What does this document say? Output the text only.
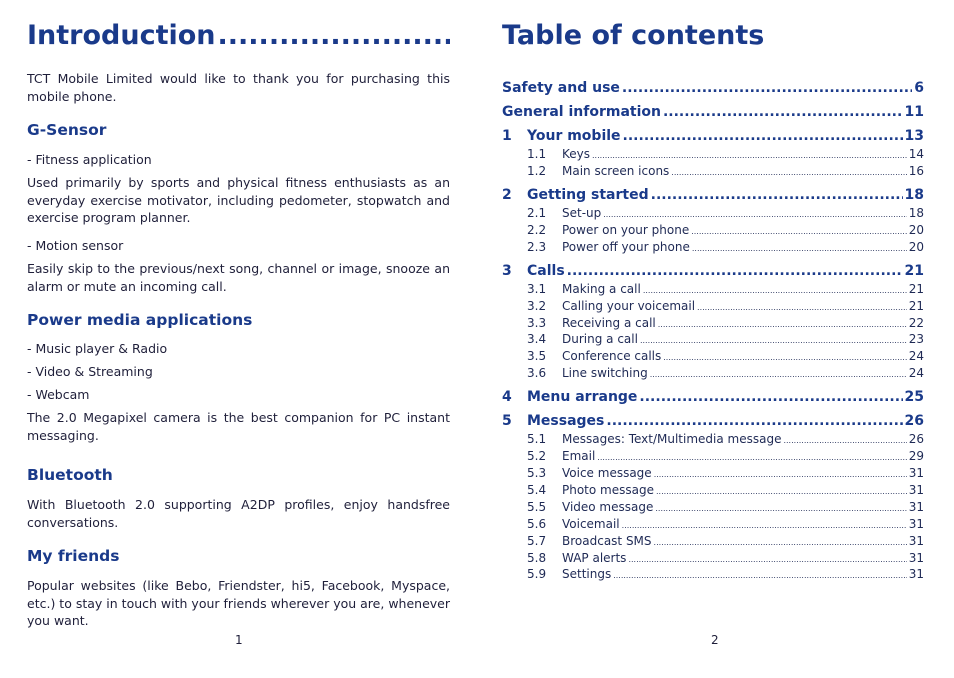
Introduction
.....
TCT Mobile Limited would like to thank you for purchasing this mobile phone.
G-Sensor
- Fitness application
Used primarily by sports and physical fitness enthusiasts as an everyday exercise motivator, including pedometer, stopwatch and exercise program planner.
- Motion sensor
Easily skip to the previous/next song, channel or image, snooze an alarm or mute an incoming call.
Power media applications
- Music player & Radio
- Video & Streaming
- Webcam
The 2.0 Megapixel camera is the best companion for PC instant messaging.
Bluetooth
With Bluetooth 2.0 supporting A2DP profiles, enjoy handsfree conversations.
My friends
Popular websites (like Bebo, Friendster, hi5, Facebook, Myspace, etc.) to stay in touch with your friends wherever you are, whenever you want.
1
Table of contents
Safety and use .....	6
General information .....	11
1	Your mobile .....	13
1.1	Keys .....	14
1.2	Main screen icons .....	16
2	Getting started .....	18
2.1	Set-up .....	18
2.2	Power on your phone .....	20
2.3	Power off your phone .....	20
3	Calls .....	21
3.1	Making a call .....	21
3.2	Calling your voicemail .....	21
3.3	Receiving a call .....	22
3.4	During a call .....	23
3.5	Conference calls .....	24
3.6	Line switching .....	24
4	Menu arrange .....	25
5	Messages .....	26
5.1	Messages: Text/Multimedia message .....	26
5.2	Email .....	29
5.3	Voice message .....	31
5.4	Photo message .....	31
5.5	Video message .....	31
5.6	Voicemail .....	31
5.7	Broadcast SMS .....	31
5.8	WAP alerts .....	31
5.9	Settings .....	31
2
